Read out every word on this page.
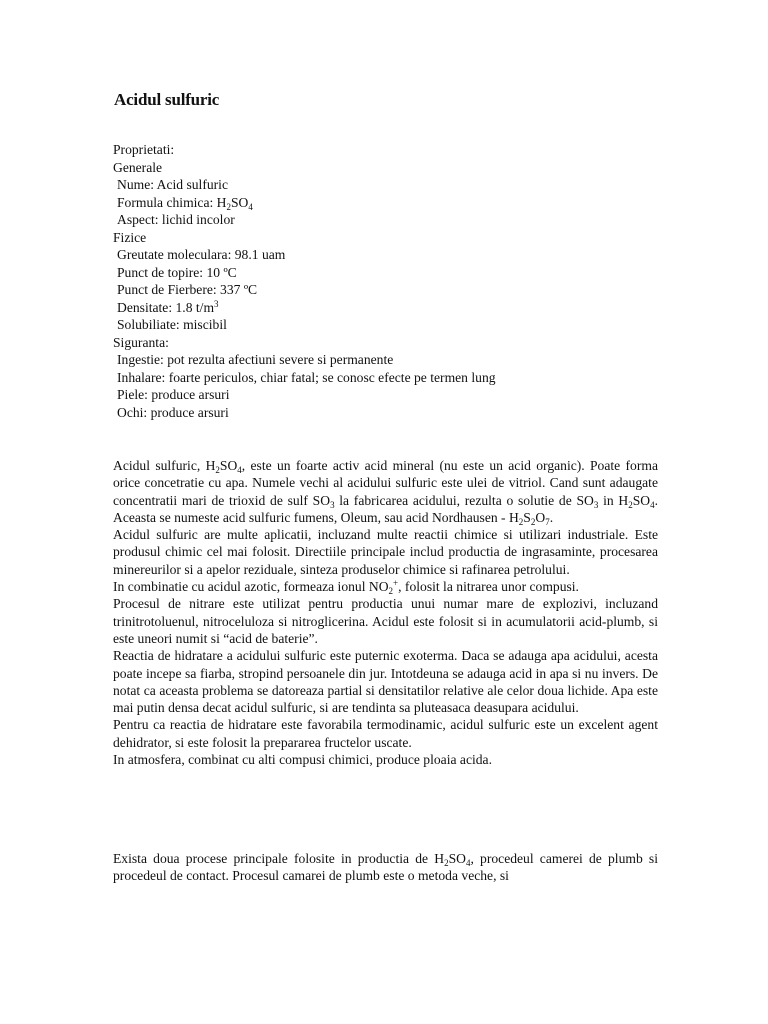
Acidul sulfuric
Proprietati:
Generale
Nume: Acid sulfuric
Formula chimica: $H_2SO_4$
Aspect: lichid incolor
Fizice
Greutate moleculara: 98.1 uam
Punct de topire: 10 ºC
Punct de Fierbere: 337 ºC
Densitate: 1.8 $t/m^3$
Solubiliate: miscibil
Siguranta:
Ingestie: pot rezulta afectiuni severe si permanente
Inhalare: foarte periculos, chiar fatal; se conosc efecte pe termen lung
Piele: produce arsuri
Ochi: produce arsuri

Acidul sulfuric, $H_2SO_4$, este un foarte activ acid mineral (nu este un acid organic). Poate forma orice concetratie cu apa. Numele vechi al acidului sulfuric este ulei de vitriol. Cand sunt adaugate concentratii mari de trioxid de sulf $SO_3$ la fabricarea acidului, rezulta o solutie de $SO_3$ in $H_2SO_4$. Aceasta se numeste acid sulfuric fumens, Oleum, sau acid Nordhausen - $H_2S_2O_7$.

Acidul sulfuric are multe aplicatii, incluzand multe reactii chimice si utilizari industriale. Este produsul chimic cel mai folosit. Directiile principale includ productia de ingrasaminte, procesarea minereurilor si a apelor reziduale, sinteza produselor chimice si rafinarea petrolului.

In combinatie cu acidul azotic, formeaza ionul $NO_2^+$, folosit la nitrarea unor compusi.

Procesul de nitrare este utilizat pentru productia unui numar mare de explozivi, incluzand trinitrotoluenul, nitroceluloza si nitroglicerina. Acidul este folosit si in acumulatorii acid-plumb, si este uneori numit si “acid de baterie”.

Reactia de hidratare a acidului sulfuric este puternic exoterma. Daca se adauga apa acidului, acesta poate incepe sa fiarba, stropind persoanele din jur. Intotdeuna se adauga acid in apa si nu invers. De notat ca aceasta problema se datoreaza partial si densitatilor relative ale celor doua lichide. Apa este mai putin densa decat acidul sulfuric, si are tendinta sa pluteasaca deasupara acidului.

Pentru ca reactia de hidratare este favorabila termodinamic, acidul sulfuric este un excelent agent dehidrator, si este folosit la prepararea fructelor uscate.

In atmosfera, combinat cu alti compusi chimici, produce ploaia acida.

Exista doua procese principale folosite in productia de $H_2SO_4$, procedeul camerei de plumb si procedeul de contact. Procesul camarei de plumb este o metoda veche, si
